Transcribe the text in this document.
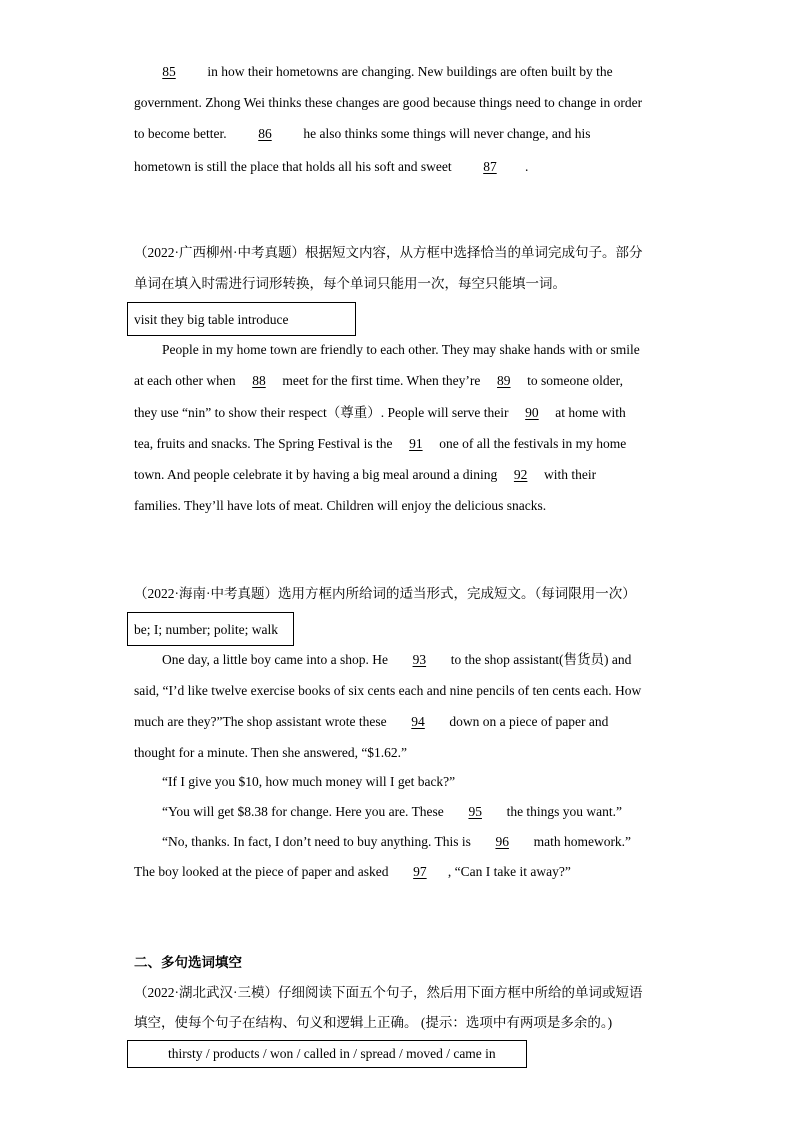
85 in how their hometowns are changing. New buildings are often built by the
government. Zhong Wei thinks these changes are good because things need to change in order
to become better. 86 he also thinks some things will never change, and his
hometown is still the place that holds all his soft and sweet 87 .
（2022·广西柳州·中考真题）根据短文内容，从方框中选择恰当的单词完成句子。部分
单词在填入时需进行词形转换，每个单词只能用一次，每空只能填一词。
visit they big table introduce
People in my home town are friendly to each other. They may shake hands with or smile
at each other when 88 meet for the first time. When they’re 89 to someone older,
they use “nin” to show their respect（尊重）. People will serve their 90 at home with
tea, fruits and snacks. The Spring Festival is the 91 one of all the festivals in my home
town. And people celebrate it by having a big meal around a dining 92 with their
families. They’ll have lots of meat. Children will enjoy the delicious snacks.
（2022·海南·中考真题）选用方框内所给词的适当形式，完成短文。（每词限用一次）
be; I; number; polite; walk
One day, a little boy came into a shop. He 93 to the shop assistant(售货员) and
said, “I’d like twelve exercise books of six cents each and nine pencils of ten cents each. How
much are they?”The shop assistant wrote these 94 down on a piece of paper and
thought for a minute. Then she answered, “$1.62.”
“If I give you $10, how much money will I get back?”
“You will get $8.38 for change. Here you are. These 95 the things you want.”
“No, thanks. In fact, I don’t need to buy anything. This is 96 math homework.”
The boy looked at the piece of paper and asked 97 , “Can I take it away?”
二、多句选词填空
（2022·湖北武汉·三模）仔细阅读下面五个句子，然后用下面方框中所给的单词或短语
填空，使每个句子在结构、句义和逻辑上正确。 (提示：选项中有两项是多余的。)
thirsty / products / won / called in / spread / moved / came in
